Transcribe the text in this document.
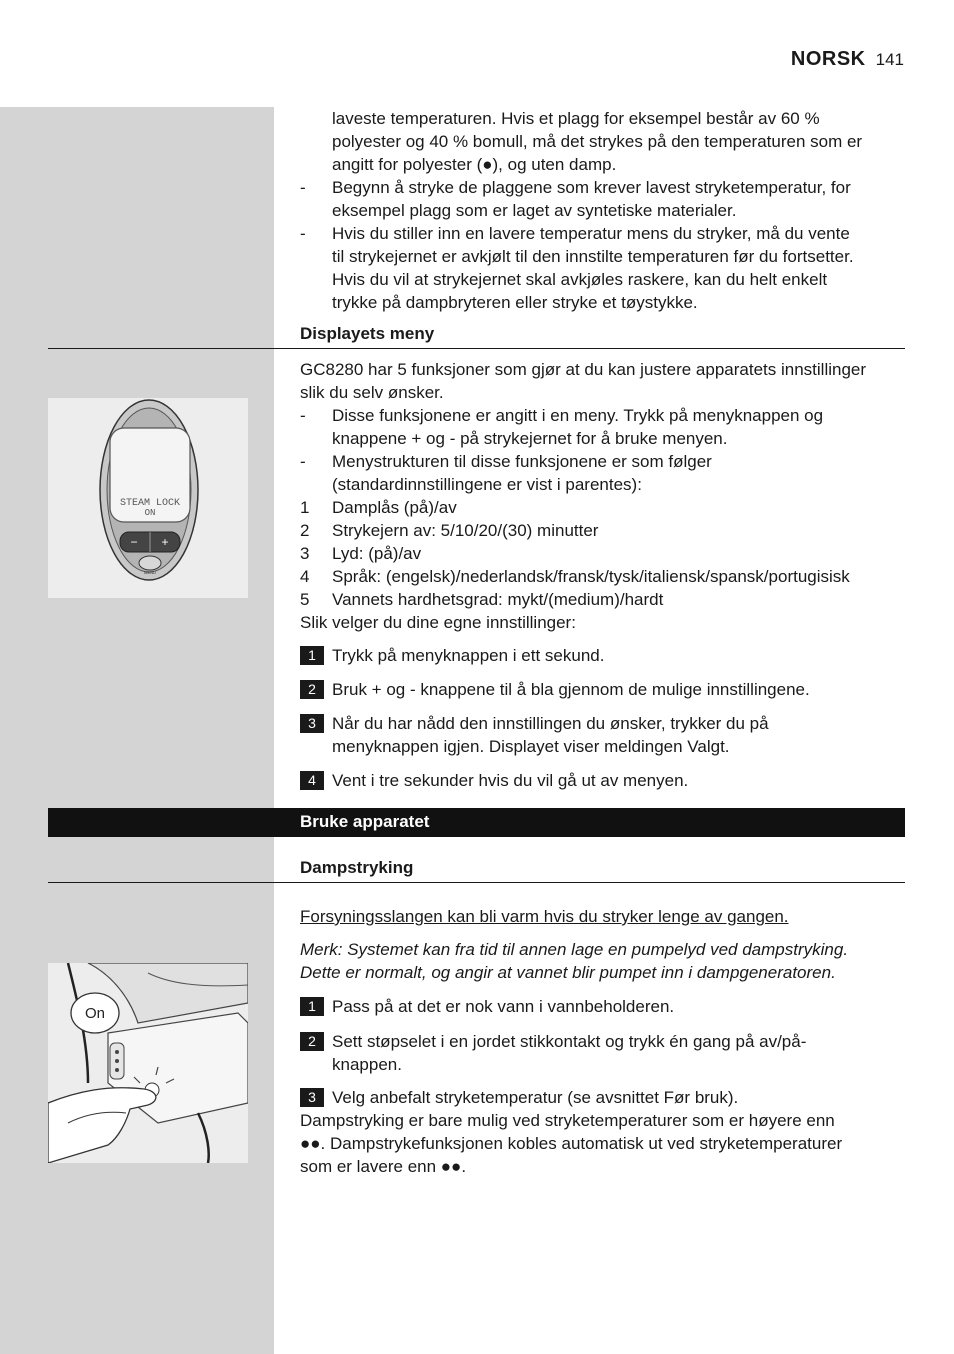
NORSK 141
laveste temperaturen. Hvis et plagg for eksempel består av 60 %
polyester og 40 % bomull, må det strykes på den temperaturen som er
angitt for polyester (●), og uten damp.
-	Begynn å stryke de plaggene som krever lavest stryketemperatur, for
eksempel plagg som er laget av syntetiske materialer.
-	Hvis du stiller inn en lavere temperatur mens du stryker, må du vente
til strykejernet er avkjølt til den innstilte temperaturen før du fortsetter.
Hvis du vil at strykejernet skal avkjøles raskere, kan du helt enkelt
trykke på dampbryteren eller stryke et tøystykke.
Displayets meny
GC8280 har 5 funksjoner som gjør at du kan justere apparatets innstillinger
slik du selv ønsker.
-	Disse funksjonene er angitt i en meny. Trykk på menyknappen og
knappene + og - på strykejernet for å bruke menyen.
-	Menystrukturen til disse funksjonene er som følger
(standardinnstillingene er vist i parentes):
1	Damplås (på)/av
2	Strykejern av: 5/10/20/(30) minutter
3	Lyd: (på)/av
4	Språk: (engelsk)/nederlandsk/fransk/tysk/italiensk/spansk/portugisisk
5	Vannets hardhetsgrad: mykt/(medium)/hardt
Slik velger du dine egne innstillinger:
1 Trykk på menyknappen i ett sekund.
2 Bruk + og - knappene til å bla gjennom de mulige innstillingene.
3 Når du har nådd den innstillingen du ønsker, trykker du på
menyknappen igjen. Displayet viser meldingen Valgt.
4 Vent i tre sekunder hvis du vil gå ut av menyen.
STEAM LOCK
ON
− +
MENU
Bruke apparatet
Dampstryking
Forsyningsslangen kan bli varm hvis du stryker lenge av gangen.
Merk: Systemet kan fra tid til annen lage en pumpelyd ved dampstryking.
Dette er normalt, og angir at vannet blir pumpet inn i dampgeneratoren.
1 Pass på at det er nok vann i vannbeholderen.
2 Sett støpselet i en jordet stikkontakt og trykk én gang på av/på-
knappen.
3 Velg anbefalt stryketemperatur (se avsnittet Før bruk).
Dampstryking er bare mulig ved stryketemperaturer som er høyere enn
●●. Dampstrykefunksjonen kobles automatisk ut ved stryketemperaturer
som er lavere enn ●●.
On
